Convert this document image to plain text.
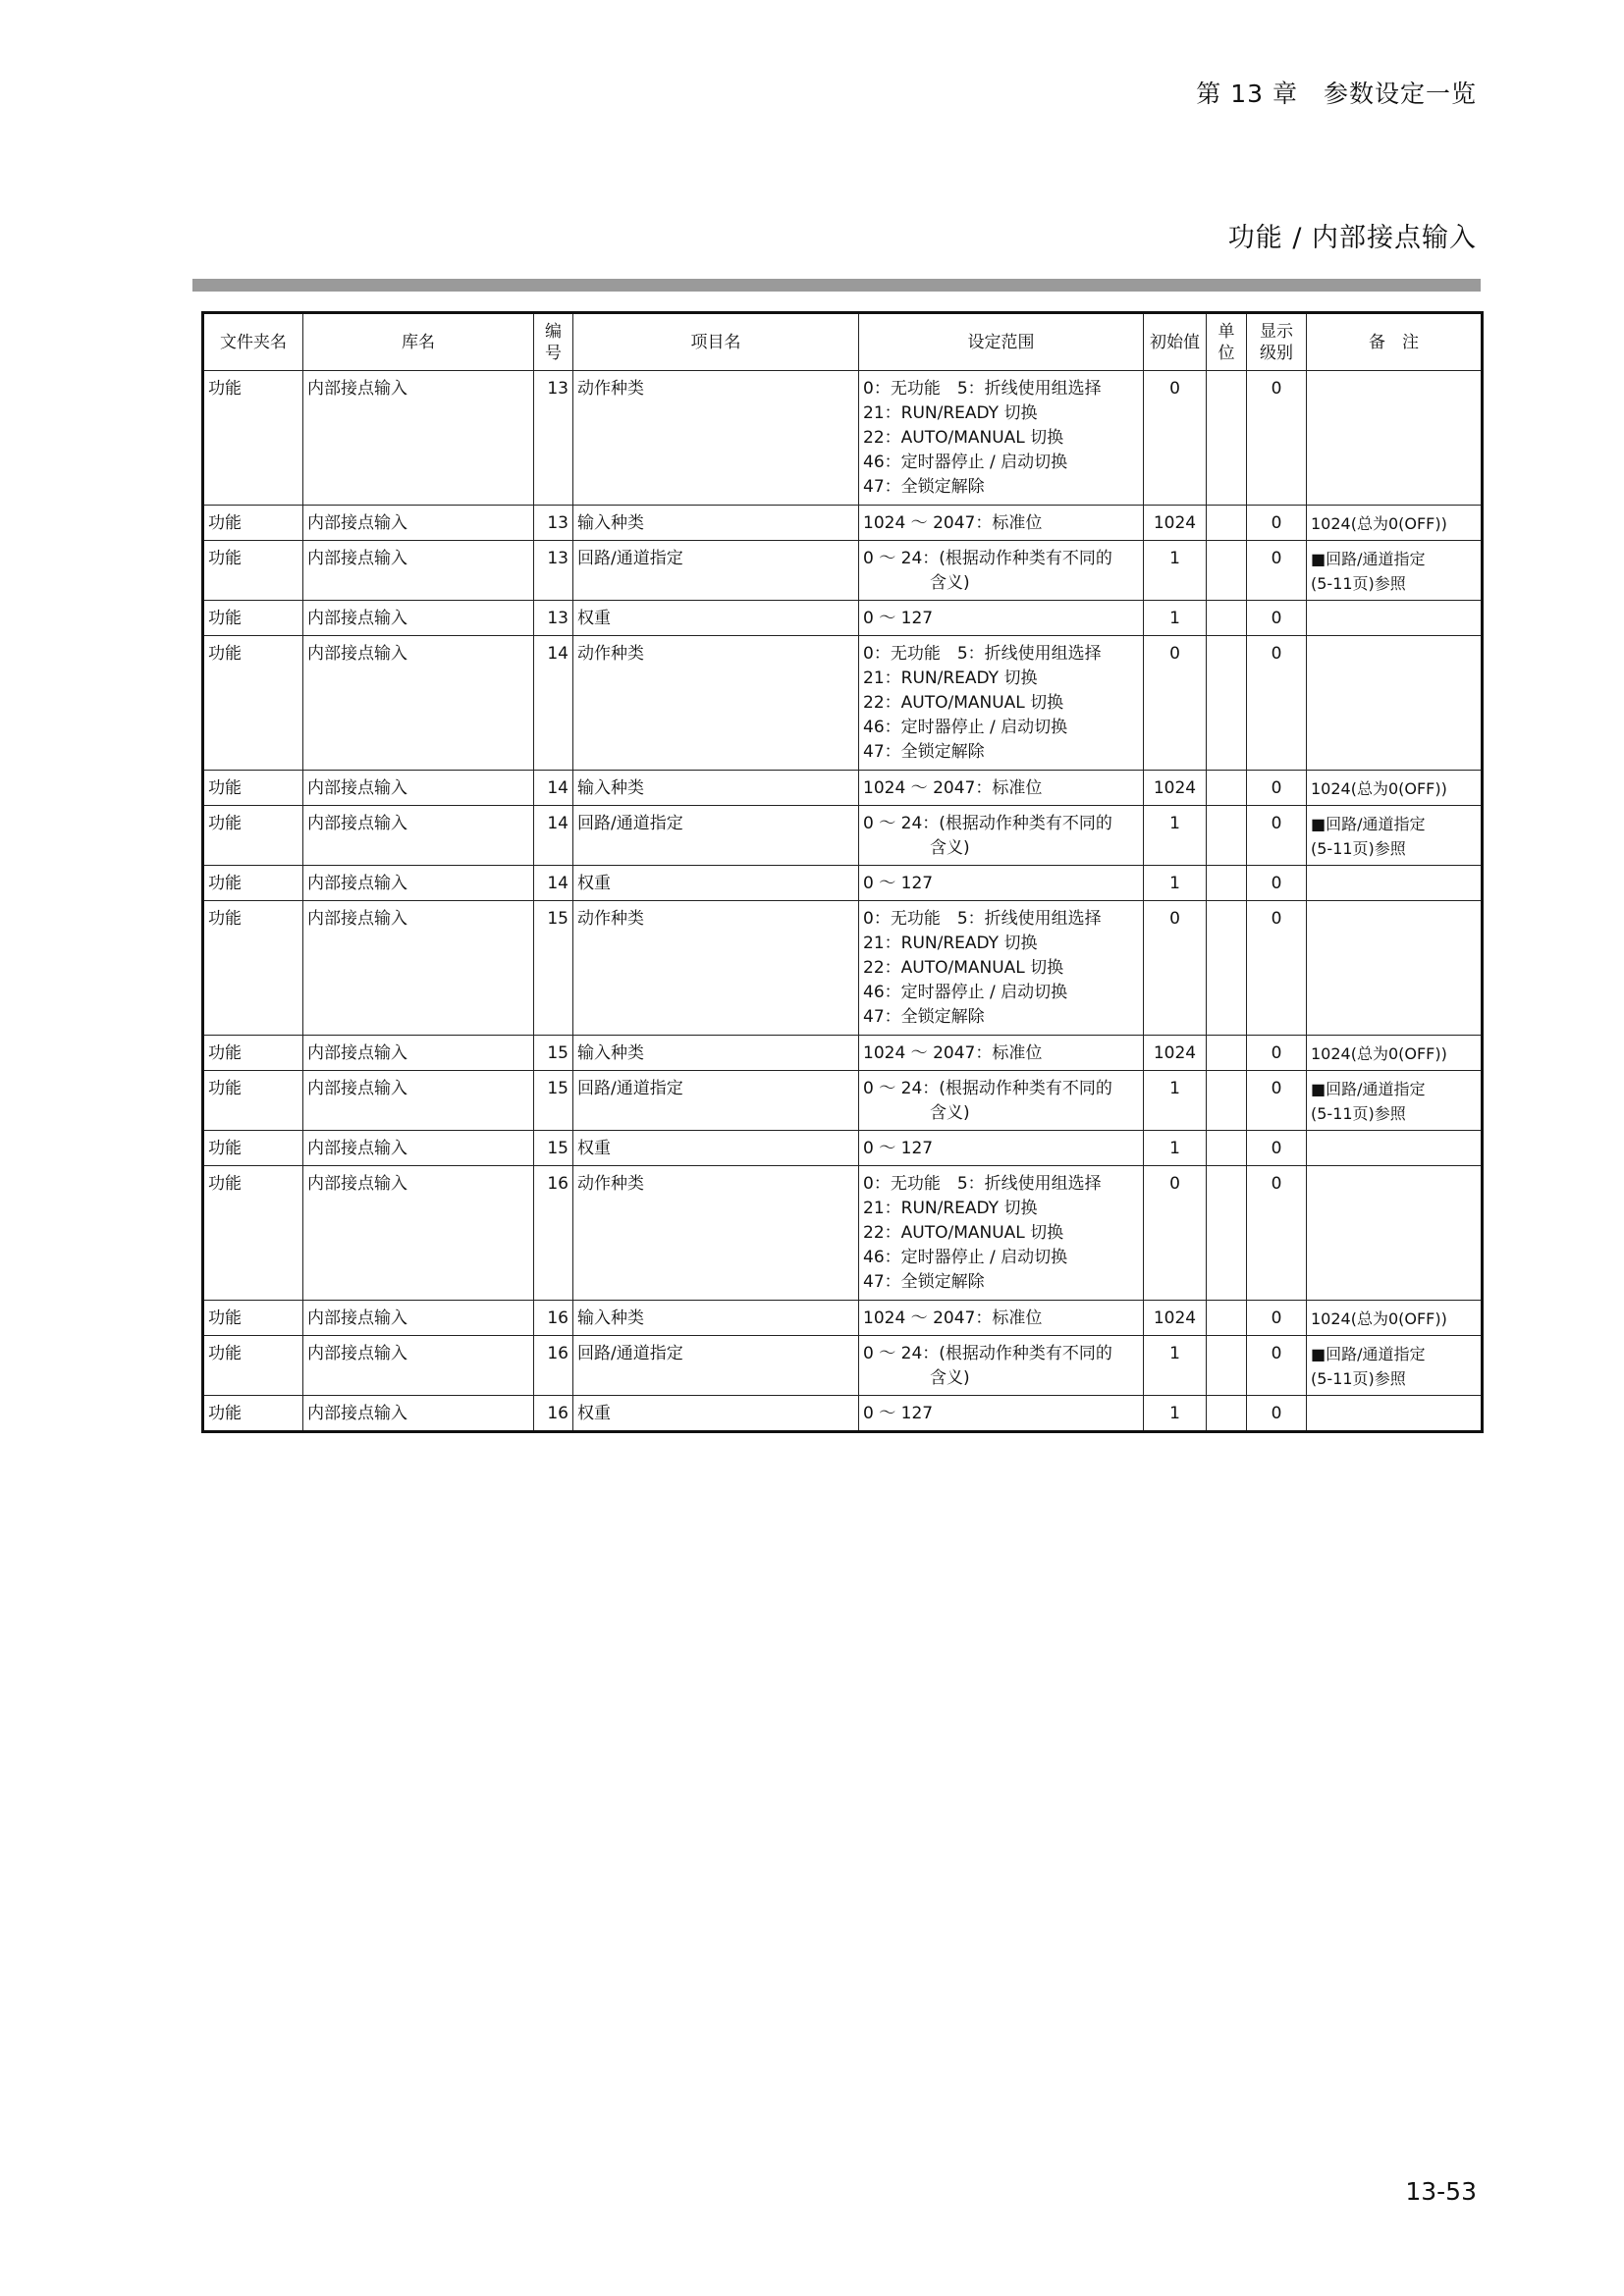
第 13 章　参数设定一览
功能 / 内部接点输入
文件夹名	库名	编号	项目名	设定范围	初始值	单位	显示级别	备　注
功能	内部接点输入	13	动作种类	0：无功能　5：折线使用组选择
21：RUN/READY 切换
22：AUTO/MANUAL 切换
46：定时器停止 / 启动切换
47：全锁定解除	0		0	
功能	内部接点输入	13	输入种类	1024 ～ 2047：标准位	1024		0	1024(总为0(OFF))
功能	内部接点输入	13	回路/通道指定	0 ～ 24：(根据动作种类有不同的
　　　　含义)	1		0	■回路/通道指定
(5-11页)参照
功能	内部接点输入	13	权重	0 ～ 127	1		0	
功能	内部接点输入	14	动作种类	0：无功能　5：折线使用组选择
21：RUN/READY 切换
22：AUTO/MANUAL 切换
46：定时器停止 / 启动切换
47：全锁定解除	0		0	
功能	内部接点输入	14	输入种类	1024 ～ 2047：标准位	1024		0	1024(总为0(OFF))
功能	内部接点输入	14	回路/通道指定	0 ～ 24：(根据动作种类有不同的
　　　　含义)	1		0	■回路/通道指定
(5-11页)参照
功能	内部接点输入	14	权重	0 ～ 127	1		0	
功能	内部接点输入	15	动作种类	0：无功能　5：折线使用组选择
21：RUN/READY 切换
22：AUTO/MANUAL 切换
46：定时器停止 / 启动切换
47：全锁定解除	0		0	
功能	内部接点输入	15	输入种类	1024 ～ 2047：标准位	1024		0	1024(总为0(OFF))
功能	内部接点输入	15	回路/通道指定	0 ～ 24：(根据动作种类有不同的
　　　　含义)	1		0	■回路/通道指定
(5-11页)参照
功能	内部接点输入	15	权重	0 ～ 127	1		0	
功能	内部接点输入	16	动作种类	0：无功能　5：折线使用组选择
21：RUN/READY 切换
22：AUTO/MANUAL 切换
46：定时器停止 / 启动切换
47：全锁定解除	0		0	
功能	内部接点输入	16	输入种类	1024 ～ 2047：标准位	1024		0	1024(总为0(OFF))
功能	内部接点输入	16	回路/通道指定	0 ～ 24：(根据动作种类有不同的
　　　　含义)	1		0	■回路/通道指定
(5-11页)参照
功能	内部接点输入	16	权重	0 ～ 127	1		0	
13-53
